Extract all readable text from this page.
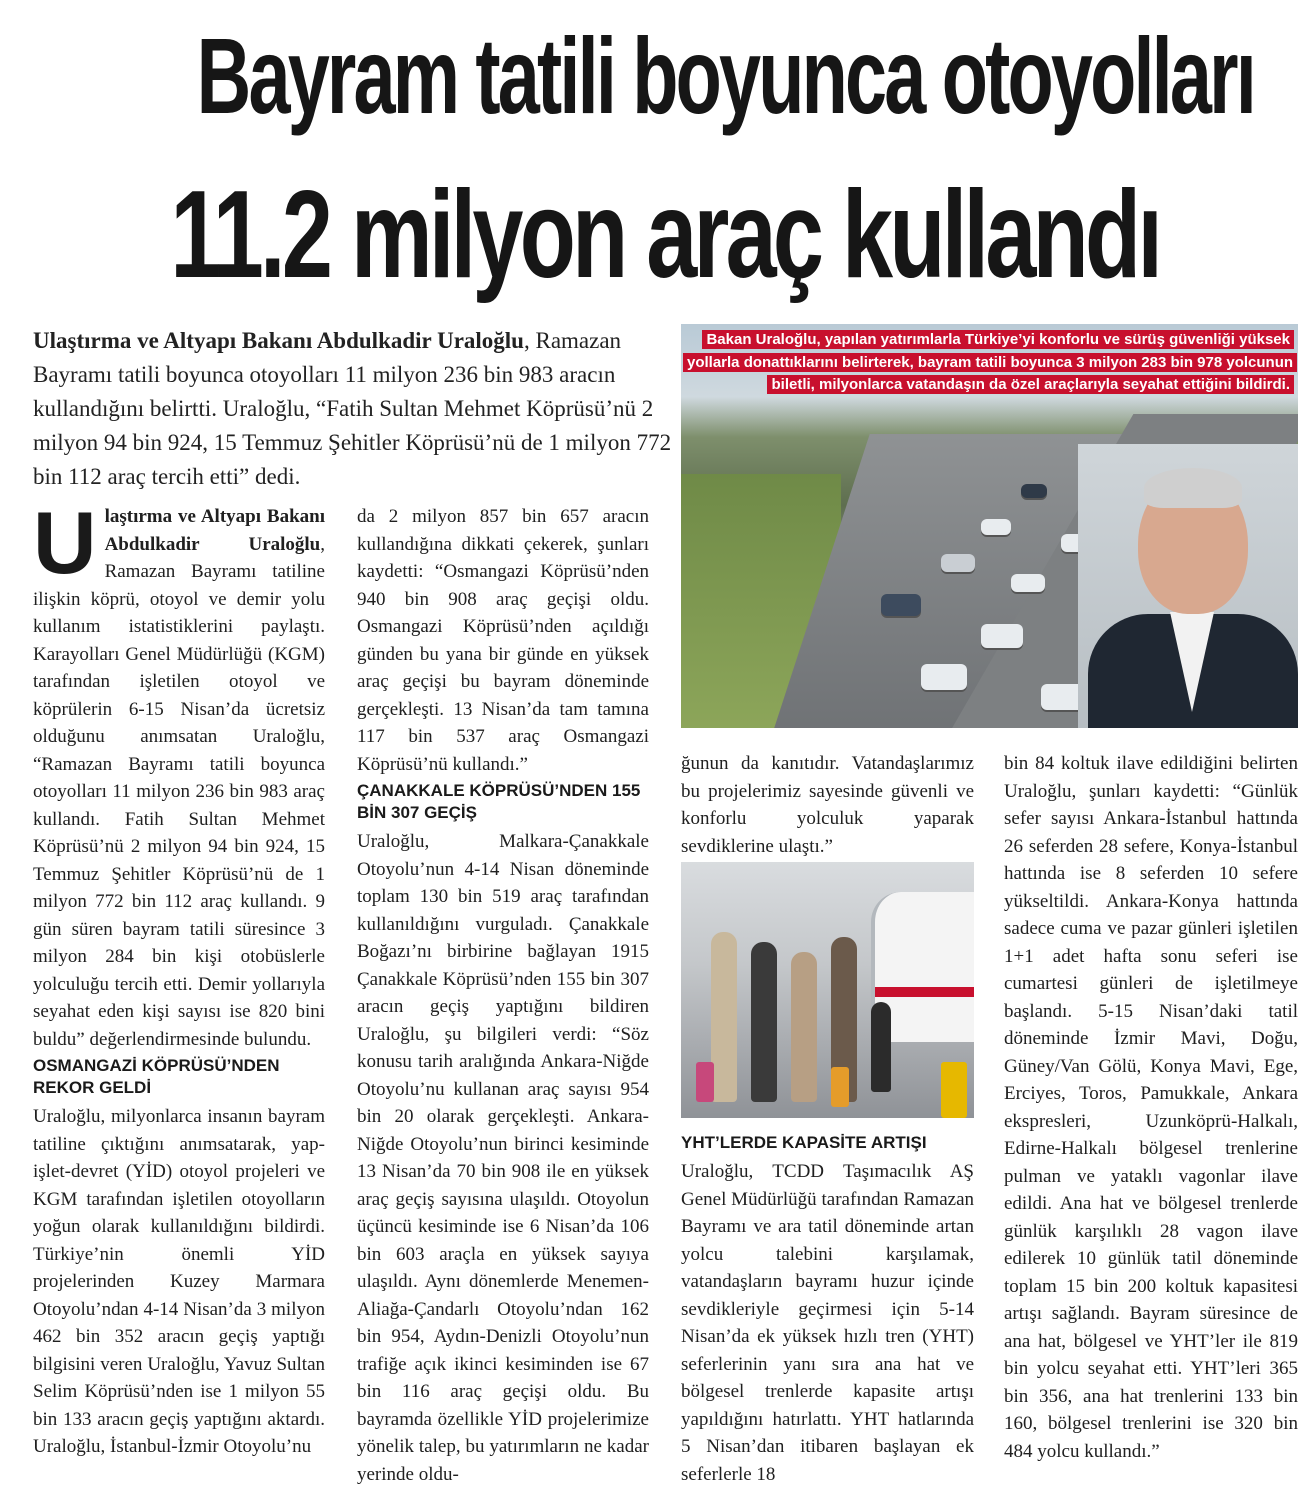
Bayram tatili boyunca otoyolları
11.2 milyon araç kullandı
Ulaştırma ve Altyapı Bakanı Abdulkadir Uraloğlu, Ramazan Bayramı tatili boyunca otoyolları 11 milyon 236 bin 983 aracın kullandığını belirtti. Uraloğlu, “Fatih Sultan Mehmet Köprüsü’nü 2 milyon 94 bin 924, 15 Temmuz Şehitler Köprüsü’nü de 1 milyon 772 bin 112 araç tercih etti” dedi.

Ulaştırma ve Altyapı Bakanı Abdulkadir Uraloğlu, Ramazan Bayramı tatiline ilişkin köprü, otoyol ve demir yolu kullanım istatistiklerini paylaştı. Karayolları Genel Müdürlüğü (KGM) tarafından işletilen otoyol ve köprülerin 6-15 Nisan’da ücretsiz olduğunu anımsatan Uraloğlu, “Ramazan Bayramı tatili boyunca otoyolları 11 milyon 236 bin 983 araç kullandı. Fatih Sultan Mehmet Köprüsü’nü 2 milyon 94 bin 924, 15 Temmuz Şehitler Köprüsü’nü de 1 milyon 772 bin 112 araç kullandı. 9 gün süren bayram tatili süresince 3 milyon 284 bin kişi otobüslerle yolculuğu tercih etti. Demir yollarıyla seyahat eden kişi sayısı ise 820 bini buldu” değerlendirmesinde bulundu.

OSMANGAZİ KÖPRÜSÜ’NDEN REKOR GELDİ

Uraloğlu, milyonlarca insanın bayram tatiline çıktığını anımsatarak, yap-işlet-devret (YİD) otoyol projeleri ve KGM tarafından işletilen otoyolların yoğun olarak kullanıldığını bildirdi. Türkiye’nin önemli YİD projelerinden Kuzey Marmara Otoyolu’ndan 4-14 Nisan’da 3 milyon 462 bin 352 aracın geçiş yaptığı bilgisini veren Uraloğlu, Yavuz Sultan Selim Köprüsü’nden ise 1 milyon 55 bin 133 aracın geçiş yaptığını aktardı. Uraloğlu, İstanbul-İzmir Otoyolu’nu

da 2 milyon 857 bin 657 aracın kullandığına dikkati çekerek, şunları kaydetti: “Osmangazi Köprüsü’nden 940 bin 908 araç geçişi oldu. Osmangazi Köprüsü’nden açıldığı günden bu yana bir günde en yüksek araç geçişi bu bayram döneminde gerçekleşti. 13 Nisan’da tam tamına 117 bin 537 araç Osmangazi Köprüsü’nü kullandı.”

ÇANAKKALE KÖPRÜSÜ’NDEN 155 BİN 307 GEÇİŞ

Uraloğlu, Malkara-Çanakkale Otoyolu’nun 4-14 Nisan döneminde toplam 130 bin 519 araç tarafından kullanıldığını vurguladı. Çanakkale Boğazı’nı birbirine bağlayan 1915 Çanakkale Köprüsü’nden 155 bin 307 aracın geçiş yaptığını bildiren Uraloğlu, şu bilgileri verdi: “Söz konusu tarih aralığında Ankara-Niğde Otoyolu’nu kullanan araç sayısı 954 bin 20 olarak gerçekleşti. Ankara-Niğde Otoyolu’nun birinci kesiminde 13 Nisan’da 70 bin 908 ile en yüksek araç geçiş sayısına ulaşıldı. Otoyolun üçüncü kesiminde ise 6 Nisan’da 106 bin 603 araçla en yüksek sayıya ulaşıldı. Aynı dönemlerde Menemen-Aliağa-Çandarlı Otoyolu’ndan 162 bin 954, Aydın-Denizli Otoyolu’nun trafiğe açık ikinci kesiminden ise 67 bin 116 araç geçişi oldu. Bu bayramda özellikle YİD projelerimize yönelik talep, bu yatırımların ne kadar yerinde oldu-

Bakan Uraloğlu, yapılan yatırımlarla Türkiye’yi konforlu ve sürüş güvenliği yüksek yollarla donattıklarını belirterek, bayram tatili boyunca 3 milyon 283 bin 978 yolcunun biletli, milyonlarca vatandaşın da özel araçlarıyla seyahat ettiğini bildirdi.

ğunun da kanıtıdır. Vatandaşlarımız bu projelerimiz sayesinde güvenli ve konforlu yolculuk yaparak sevdiklerine ulaştı.”

YHT’LERDE KAPASİTE ARTIŞI

Uraloğlu, TCDD Taşımacılık AŞ Genel Müdürlüğü tarafından Ramazan Bayramı ve ara tatil döneminde artan yolcu talebini karşılamak, vatandaşların bayramı huzur içinde sevdikleriyle geçirmesi için 5-14 Nisan’da ek yüksek hızlı tren (YHT) seferlerinin yanı sıra ana hat ve bölgesel trenlerde kapasite artışı yapıldığını hatırlattı. YHT hatlarında 5 Nisan’dan itibaren başlayan ek seferlerle 18

bin 84 koltuk ilave edildiğini belirten Uraloğlu, şunları kaydetti: “Günlük sefer sayısı Ankara-İstanbul hattında 26 seferden 28 sefere, Konya-İstanbul hattında ise 8 seferden 10 sefere yükseltildi. Ankara-Konya hattında sadece cuma ve pazar günleri işletilen 1+1 adet hafta sonu seferi ise cumartesi günleri de işletilmeye başlandı. 5-15 Nisan’daki tatil döneminde İzmir Mavi, Doğu, Güney/Van Gölü, Konya Mavi, Ege, Erciyes, Toros, Pamukkale, Ankara ekspresleri, Uzunköprü-Halkalı, Edirne-Halkalı bölgesel trenlerine pulman ve yataklı vagonlar ilave edildi. Ana hat ve bölgesel trenlerde günlük karşılıklı 28 vagon ilave edilerek 10 günlük tatil döneminde toplam 15 bin 200 koltuk kapasitesi artışı sağlandı. Bayram süresince de ana hat, bölgesel ve YHT’ler ile 819 bin yolcu seyahat etti. YHT’leri 365 bin 356, ana hat trenlerini 133 bin 160, bölgesel trenlerini ise 320 bin 484 yolcu kullandı.”
